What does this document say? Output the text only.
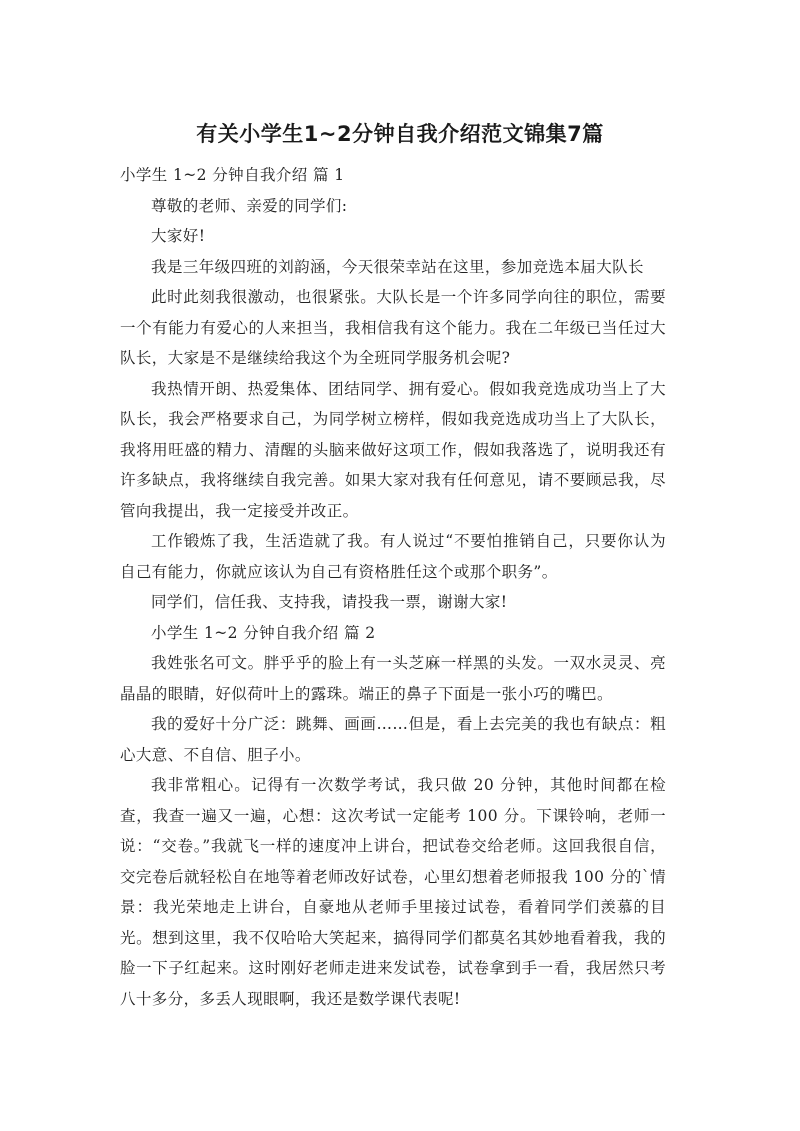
有关小学生1~2分钟自我介绍范文锦集7篇

小学生 1~2 分钟自我介绍 篇 1

尊敬的老师、亲爱的同学们:

大家好!

我是三年级四班的刘韵涵，今天很荣幸站在这里，参加竞选本届大队长

此时此刻我很激动，也很紧张。大队长是一个许多同学向往的职位，需要一个有能力有爱心的人来担当，我相信我有这个能力。我在二年级已当任过大队长，大家是不是继续给我这个为全班同学服务机会呢?

我热情开朗、热爱集体、团结同学、拥有爱心。假如我竞选成功当上了大队长，我会严格要求自己，为同学树立榜样，假如我竞选成功当上了大队长，我将用旺盛的精力、清醒的头脑来做好这项工作，假如我落选了，说明我还有许多缺点，我将继续自我完善。如果大家对我有任何意见，请不要顾忌我，尽管向我提出，我一定接受并改正。

工作锻炼了我，生活造就了我。有人说过“不要怕推销自己，只要你认为自己有能力，你就应该认为自己有资格胜任这个或那个职务”。

同学们，信任我、支持我，请投我一票，谢谢大家!

小学生 1~2 分钟自我介绍 篇 2

我姓张名可文。胖乎乎的脸上有一头芝麻一样黑的头发。一双水灵灵、亮晶晶的眼睛，好似荷叶上的露珠。端正的鼻子下面是一张小巧的嘴巴。

我的爱好十分广泛：跳舞、画画……但是，看上去完美的我也有缺点：粗心大意、不自信、胆子小。

我非常粗心。记得有一次数学考试，我只做 20 分钟，其他时间都在检查，我查一遍又一遍，心想：这次考试一定能考 100 分。下课铃响，老师一说：“交卷。”我就飞一样的速度冲上讲台，把试卷交给老师。这回我很自信，交完卷后就轻松自在地等着老师改好试卷，心里幻想着老师报我 100 分的`情景：我光荣地走上讲台，自豪地从老师手里接过试卷，看着同学们羡慕的目光。想到这里，我不仅哈哈大笑起来，搞得同学们都莫名其妙地看着我，我的脸一下子红起来。这时刚好老师走进来发试卷，试卷拿到手一看，我居然只考八十多分，多丢人现眼啊，我还是数学课代表呢!
